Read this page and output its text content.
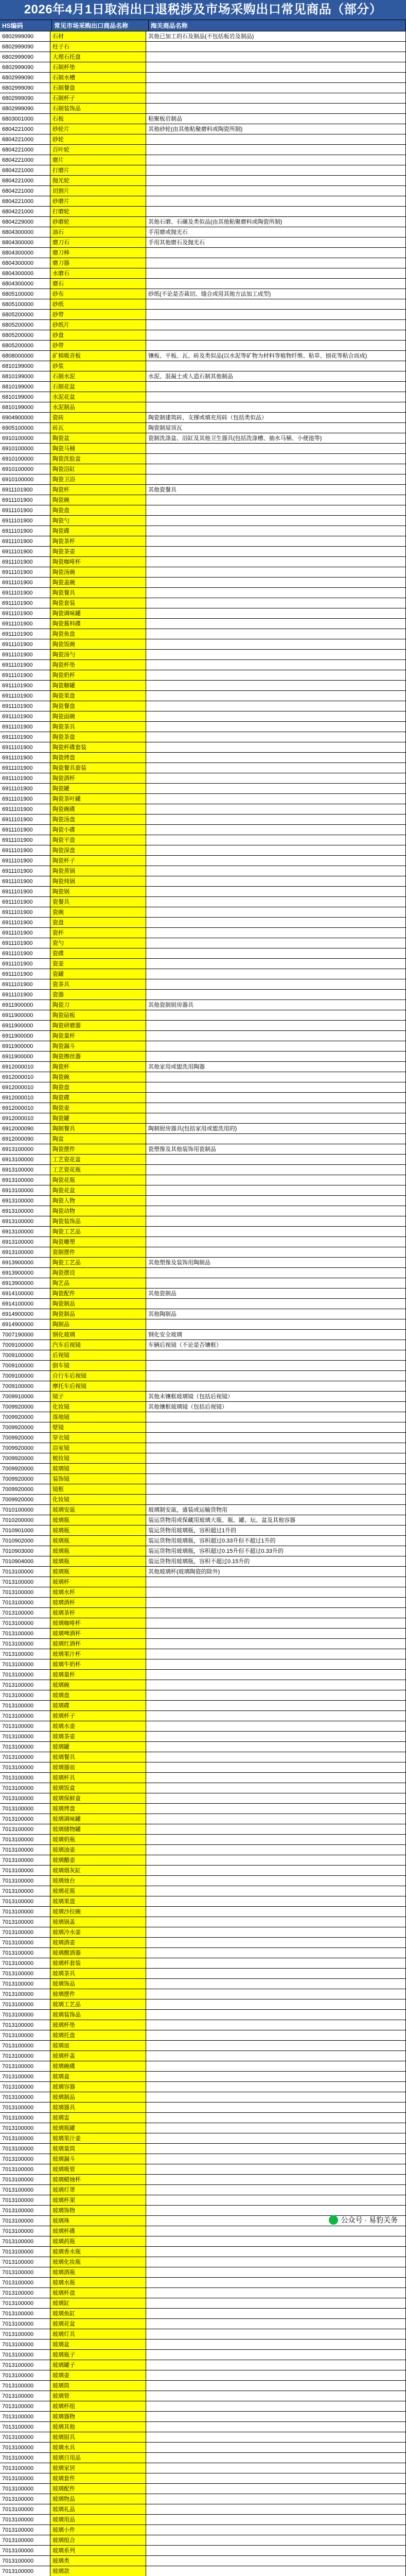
2026年4月1日取消出口退税涉及市场采购出口常见商品（部分）
HS编码	常见市场采购出口商品名称	海关商品名称
6802999090	石材	其他已加工的石及制品(不包括板岩及制品)
6802999090	柱子石
6802999090	大理石托盘
6802999090	石制杯垫
6802999090	石制水槽
6802999090	石制餐盘
6802999090	石制杯子
6802999090	石制装饰品
6803001000	石板	粘聚板岩制品
6804221000	砂轮片	其他砂轮(由其他粘聚磨料或陶瓷所制)
6804221000	砂轮
6804221000	百叶轮
6804221000	磨片
6804221000	打磨片
6804221000	抛光轮
6804221000	切割片
6804221000	砂磨片
6804221000	打磨轮
6804229000	砂磨轮	其他石磨、石碾及类似品(由其他粘聚磨料或陶瓷所制)
6804300000	油石	手用磨或抛光石
6804300000	磨刀石	手用其他磨石及抛光石
6804300000	磨刀棒
6804300000	磨刀器
6804300000	水磨石
6804300000	磨石
6805100000	砂布	砂纸(不论是否裁切、缝合或用其他方法加工成型)
6805100000	砂纸
6805200000	砂带
6805200000	砂纸片
6805200000	砂盘
6805200000	砂带
6808000000	矿棉吸音板	镶板、平板、瓦、砖及类似品(以水泥等矿物为材料等植物纤维、粘草、刨花等粘合而成)
6810199000	砂浆
6810199000	石制水泥	水泥、混凝土或人造石制其他制品
6810199000	石制花盆
6810199000	水泥花盆
6810199000	水泥制品
6904900000	瓷砖	陶瓷制建筑砖、支撑或填充用砖（包括类似品）
6905100000	砖瓦	陶瓷制屋顶瓦
6910100000	陶瓷盆	瓷制洗涤盆、浴缸及其他卫生器具(包括洗涤槽、抽水马桶、小便池等)
6910100000	陶瓷马桶
6910100000	陶瓷洗脸盆
6910100000	陶瓷浴缸
6910100000	陶瓷卫浴
6911101900	陶瓷杯	其他瓷餐具
6911101900	陶瓷碗
6911101900	陶瓷盘
6911101900	陶瓷勺
6911101900	陶瓷碟
6911101900	陶瓷茶杯
6911101900	陶瓷茶壶
6911101900	陶瓷咖啡杯
6911101900	陶瓷汤碗
6911101900	陶瓷盖碗
6911101900	陶瓷餐具
6911101900	陶瓷套装
6911101900	陶瓷调味罐
6911101900	陶瓷酱料碟
6911101900	陶瓷鱼盘
6911101900	陶瓷饭碗
6911101900	陶瓷汤勺
6911101900	陶瓷杯垫
6911101900	陶瓷奶杯
6911101900	陶瓷糖罐
6911101900	陶瓷果盘
6911101900	陶瓷餐盘
6911101900	陶瓷面碗
6911101900	陶瓷茶具
6911101900	陶瓷茶盘
6911101900	陶瓷杯碟套装
6911101900	陶瓷烤盘
6911101900	陶瓷餐具套装
6911101900	陶瓷酒杯
6911101900	陶瓷罐
6911101900	陶瓷茶叶罐
6911101900	陶瓷碗碟
6911101900	陶瓷汤盘
6911101900	陶瓷小碟
6911101900	陶瓷平盘
6911101900	陶瓷深盘
6911101900	陶瓷杯子
6911101900	陶瓷蒸锅
6911101900	陶瓷炖锅
6911101900	陶瓷锅
6911101900	瓷餐具
6911101900	瓷碗
6911101900	瓷盘
6911101900	瓷杯
6911101900	瓷勺
6911101900	瓷碟
6911101900	瓷壶
6911101900	瓷罐
6911101900	瓷茶具
6911101900	瓷器
6911900000	陶瓷刀	其他瓷制厨房器具
6911900000	陶瓷砧板
6911900000	陶瓷研磨器
6911900000	陶瓷量杯
6911900000	陶瓷漏斗
6911900000	陶瓷擦丝器
6912000010	陶瓷杯	其他家用或盥洗用陶器
6912000010	陶瓷碗
6912000010	陶瓷盘
6912000010	陶瓷碟
6912000010	陶瓷壶
6912000010	陶瓷罐
6912000090	陶制餐具	陶制厨房器具(包括家用或盥洗用的)
6912000090	陶盆
6913100000	陶瓷摆件	瓷塑像及其他装饰用瓷制品
6913100000	工艺瓷花盆
6913100000	工艺瓷花瓶
6913100000	陶瓷花瓶
6913100000	陶瓷花盆
6913100000	陶瓷人物
6913100000	陶瓷动物
6913100000	陶瓷装饰品
6913100000	陶瓷工艺品
6913100000	陶瓷雕塑
6913100000	瓷制摆件
6913900000	陶瓷工艺品	其他塑像及装饰用陶制品
6913900000	陶瓷摆设
6913900000	陶艺品
6914100000	陶瓷配件	其他瓷制品
6914100000	陶瓷制品
6914900000	陶瓷制品	其他陶制品
6914900000	陶制品
7007190000	钢化玻璃	钢化安全玻璃
7009100000	汽车后视镜	车辆后视镜（不论是否镶框）
7009100000	后视镜
7009100000	倒车镜
7009100000	自行车后视镜
7009100000	摩托车后视镜
7009910000	镜子	其他未镶框玻璃镜（包括后视镜）
7009920000	化妆镜	其他镶框玻璃镜（包括后视镜）
7009920000	落地镜
7009920000	壁镜
7009920000	穿衣镜
7009920000	浴室镜
7009920000	梳妆镜
7009920000	玻璃镜
7009920000	装饰镜
7009920000	镜框
7009920000	化妆镜
7010100000	玻璃安瓿	玻璃制安瓿，盛装或运输货物用
7010200000	玻璃瓶	装运货物用或保藏用玻璃大瓶、瓶、罐、坛、盆及其他容器
7010901000	玻璃瓶	装运货物用玻璃瓶，容积超过1升的
7010902000	玻璃瓶	装运货物用玻璃瓶，容积超过0.33升但不超过1升的
7010903000	玻璃瓶	装运货物用玻璃瓶，容积超过0.15升但不超过0.33升的
7010904000	玻璃瓶	装运货物用玻璃瓶，容积不超过0.15升的
7013100000	玻璃瓶	其他玻璃杯(玻璃陶瓷的除外)
7013100000	玻璃杯
7013100000	玻璃水杯
7013100000	玻璃酒杯
7013100000	玻璃茶杯
7013100000	玻璃咖啡杯
7013100000	玻璃啤酒杯
7013100000	玻璃红酒杯
7013100000	玻璃果汁杯
7013100000	玻璃牛奶杯
7013100000	玻璃量杯
7013100000	玻璃碗
7013100000	玻璃盘
7013100000	玻璃碟
7013100000	玻璃杯子
7013100000	玻璃水壶
7013100000	玻璃茶壶
7013100000	玻璃罐
7013100000	玻璃餐具
7013100000	玻璃器皿
7013100000	玻璃杯具
7013100000	玻璃饭盒
7013100000	玻璃保鲜盒
7013100000	玻璃烤盘
7013100000	玻璃调味罐
7013100000	玻璃储物罐
7013100000	玻璃奶瓶
7013100000	玻璃油壶
7013100000	玻璃醋壶
7013100000	玻璃烟灰缸
7013100000	玻璃烛台
7013100000	玻璃花瓶
7013100000	玻璃果盘
7013100000	玻璃沙拉碗
7013100000	玻璃锅盖
7013100000	玻璃冷水壶
7013100000	玻璃酒壶
7013100000	玻璃醒酒器
7013100000	玻璃杯套装
7013100000	玻璃茶具
7013100000	玻璃饰品
7013100000	玻璃摆件
7013100000	玻璃工艺品
7013100000	玻璃装饰品
7013100000	玻璃杯垫
7013100000	玻璃托盘
7013100000	玻璃皿
7013100000	玻璃杯盖
7013100000	玻璃碗碟
7013100000	玻璃盒
7013100000	玻璃容器
7013100000	玻璃制品
7013100000	玻璃器具
7013100000	玻璃盅
7013100000	玻璃瓶罐
7013100000	玻璃果汁壶
7013100000	玻璃量筒
7013100000	玻璃漏斗
7013100000	玻璃吸管
7013100000	玻璃蜡烛杯
7013100000	玻璃灯罩
7013100000	玻璃杯架
7013100000	玻璃饰物
7013100000	玻璃珠
7013100000	玻璃杯碟
7013100000	玻璃药瓶
7013100000	玻璃香水瓶
7013100000	玻璃化妆瓶
7013100000	玻璃酒瓶
7013100000	玻璃水瓶
7013100000	玻璃杯盘
7013100000	玻璃缸
7013100000	玻璃鱼缸
7013100000	玻璃花盆
7013100000	玻璃灯具
7013100000	玻璃盆
7013100000	玻璃瓶子
7013100000	玻璃罐子
7013100000	玻璃壶
7013100000	玻璃筒
7013100000	玻璃管
7013100000	玻璃杯组
7013100000	玻璃器物
7013100000	玻璃其他
7013100000	玻璃厨具
7013100000	玻璃水具
7013100000	玻璃日用品
7013100000	玻璃家居
7013100000	玻璃套件
7013100000	玻璃配件
7013100000	玻璃物品
7013100000	玻璃礼品
7013100000	玻璃用品
7013100000	玻璃小件
7013100000	玻璃组合
7013100000	玻璃系列
7013100000	玻璃类
7013100000	玻璃款
公众号 · 易豹关务
